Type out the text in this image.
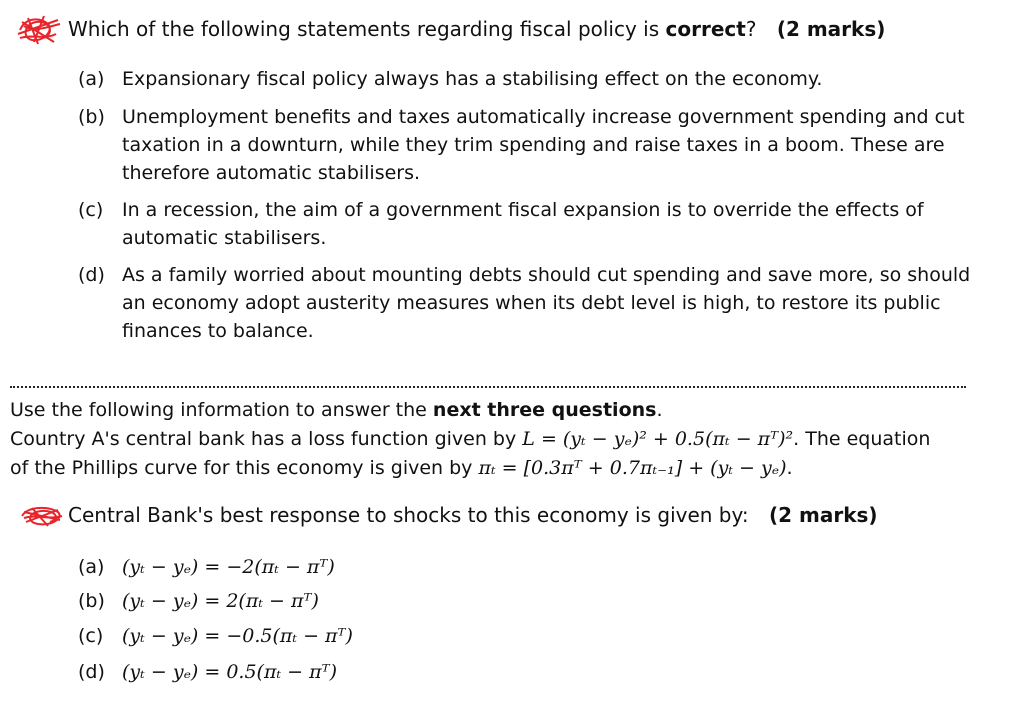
Which of the following statements regarding fiscal policy is correct? (2 marks)
(a) Expansionary fiscal policy always has a stabilising effect on the economy.
(b) Unemployment benefits and taxes automatically increase government spending and cut
taxation in a downturn, while they trim spending and raise taxes in a boom. These are
therefore automatic stabilisers.
(c) In a recession, the aim of a government fiscal expansion is to override the effects of
automatic stabilisers.
(d) As a family worried about mounting debts should cut spending and save more, so should
an economy adopt austerity measures when its debt level is high, to restore its public
finances to balance.
Use the following information to answer the next three questions.
Country A's central bank has a loss function given by L = (yₜ − yₑ)² + 0.5(πₜ − πᵀ)². The equation
of the Phillips curve for this economy is given by πₜ = [0.3πᵀ + 0.7πₜ₋₁] + (yₜ − yₑ).
Central Bank's best response to shocks to this economy is given by: (2 marks)
(a) (yₜ − yₑ) = −2(πₜ − πᵀ)
(b) (yₜ − yₑ) = 2(πₜ − πᵀ)
(c) (yₜ − yₑ) = −0.5(πₜ − πᵀ)
(d) (yₜ − yₑ) = 0.5(πₜ − πᵀ)
